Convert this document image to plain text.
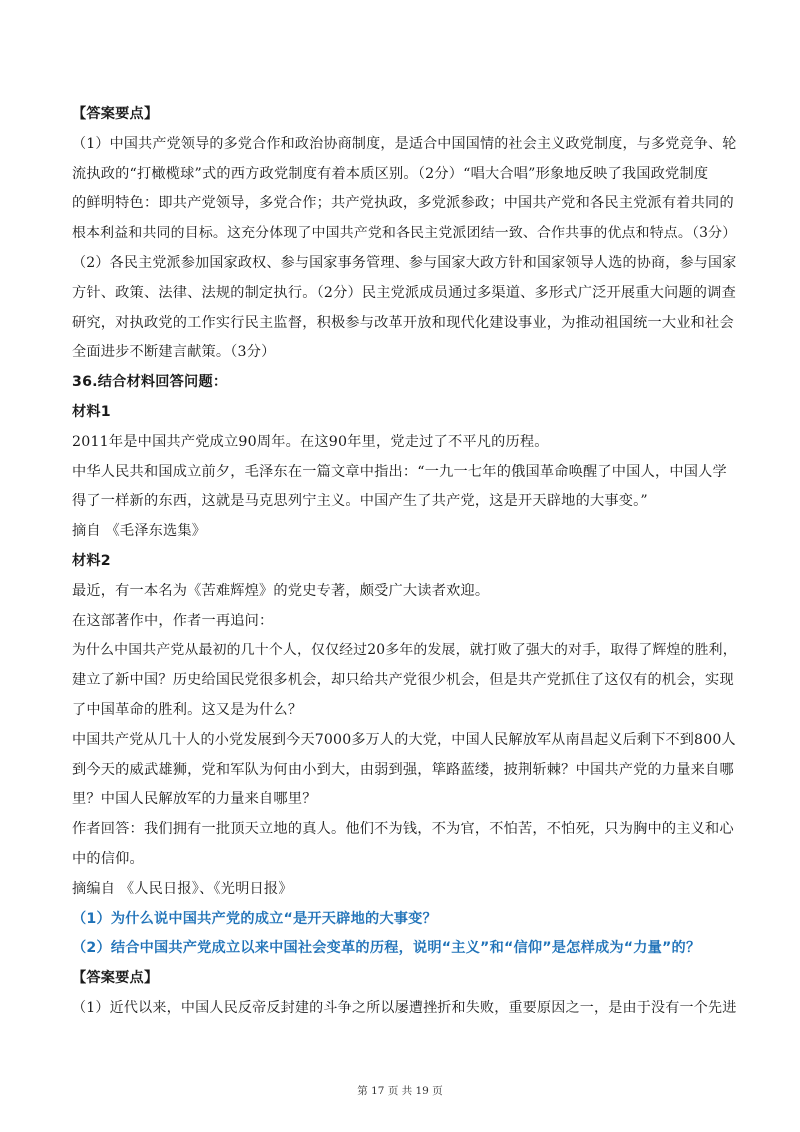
【答案要点】
（1）中国共产党领导的多党合作和政治协商制度，是适合中国国情的社会主义政党制度，与多党竞争、轮
流执政的“打橄榄球”式的西方政党制度有着本质区别。（2分）“唱大合唱”形象地反映了我国政党制度
的鲜明特色：即共产党领导，多党合作；共产党执政，多党派参政；中国共产党和各民主党派有着共同的
根本利益和共同的目标。这充分体现了中国共产党和各民主党派团结一致、合作共事的优点和特点。（3分）
（2）各民主党派参加国家政权、参与国家事务管理、参与国家大政方针和国家领导人选的协商，参与国家
方针、政策、法律、法规的制定执行。（2分）民主党派成员通过多渠道、多形式广泛开展重大问题的调查
研究，对执政党的工作实行民主监督，积极参与改革开放和现代化建设事业，为推动祖国统一大业和社会
全面进步不断建言献策。（3分）
36.结合材料回答问题：
材料1
2011年是中国共产党成立90周年。在这90年里，党走过了不平凡的历程。
中华人民共和国成立前夕，毛泽东在一篇文章中指出：“一九一七年的俄国革命唤醒了中国人，中国人学
得了一样新的东西，这就是马克思列宁主义。中国产生了共产党，这是开天辟地的大事变。”
摘自 《毛泽东选集》
材料2
最近，有一本名为《苦难辉煌》的党史专著，颇受广大读者欢迎。
在这部著作中，作者一再追问：
为什么中国共产党从最初的几十个人，仅仅经过20多年的发展，就打败了强大的对手，取得了辉煌的胜利，
建立了新中国？历史给国民党很多机会，却只给共产党很少机会，但是共产党抓住了这仅有的机会，实现
了中国革命的胜利。这又是为什么？
中国共产党从几十人的小党发展到今天7000多万人的大党，中国人民解放军从南昌起义后剩下不到800人
到今天的威武雄狮，党和军队为何由小到大，由弱到强，筚路蓝缕，披荆斩棘？中国共产党的力量来自哪
里？中国人民解放军的力量来自哪里？
作者回答：我们拥有一批顶天立地的真人。他们不为钱，不为官，不怕苦，不怕死，只为胸中的主义和心
中的信仰。
摘编自 《人民日报》、《光明日报》
（1）为什么说中国共产党的成立“是开天辟地的大事变？
（2）结合中国共产党成立以来中国社会变革的历程，说明“主义”和“信仰”是怎样成为“力量”的？
【答案要点】
（1）近代以来，中国人民反帝反封建的斗争之所以屡遭挫折和失败，重要原因之一，是由于没有一个先进
第 17 页 共 19 页
